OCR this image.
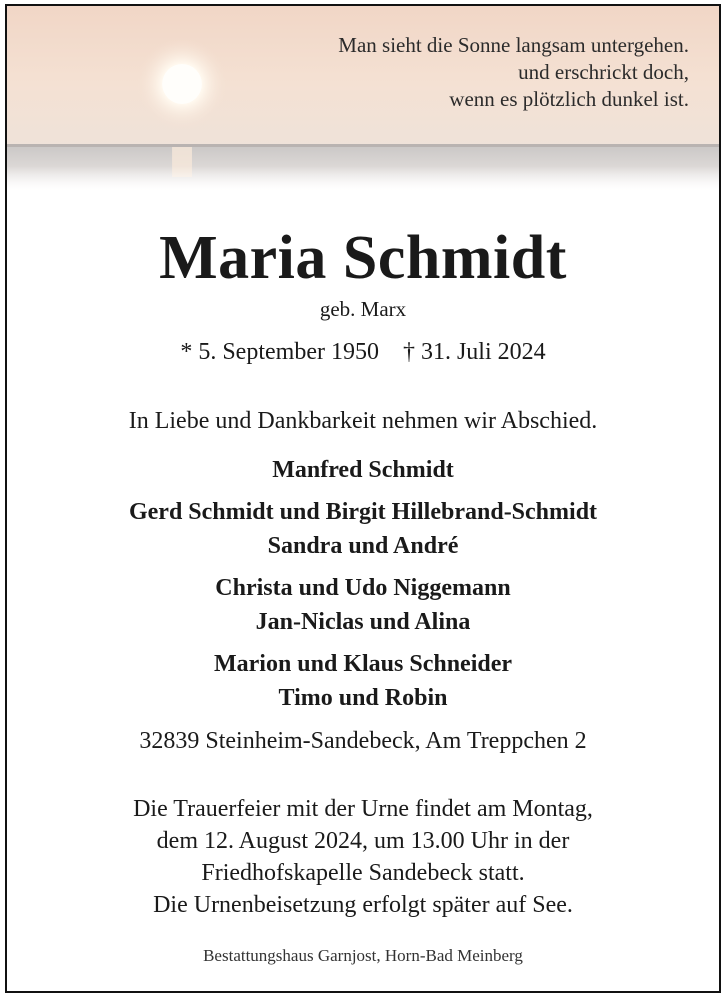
Man sieht die Sonne langsam untergehen.
und erschrickt doch,
wenn es plötzlich dunkel ist.
Maria Schmidt
geb. Marx
* 5. September 1950 † 31. Juli 2024
In Liebe und Dankbarkeit nehmen wir Abschied.
Manfred Schmidt
Gerd Schmidt und Birgit Hillebrand-Schmidt
Sandra und André
Christa und Udo Niggemann
Jan-Niclas und Alina
Marion und Klaus Schneider
Timo und Robin
32839 Steinheim-Sandebeck, Am Treppchen 2
Die Trauerfeier mit der Urne findet am Montag,
dem 12. August 2024, um 13.00 Uhr in der
Friedhofskapelle Sandebeck statt.
Die Urnenbeisetzung erfolgt später auf See.
Bestattungshaus Garnjost, Horn-Bad Meinberg
